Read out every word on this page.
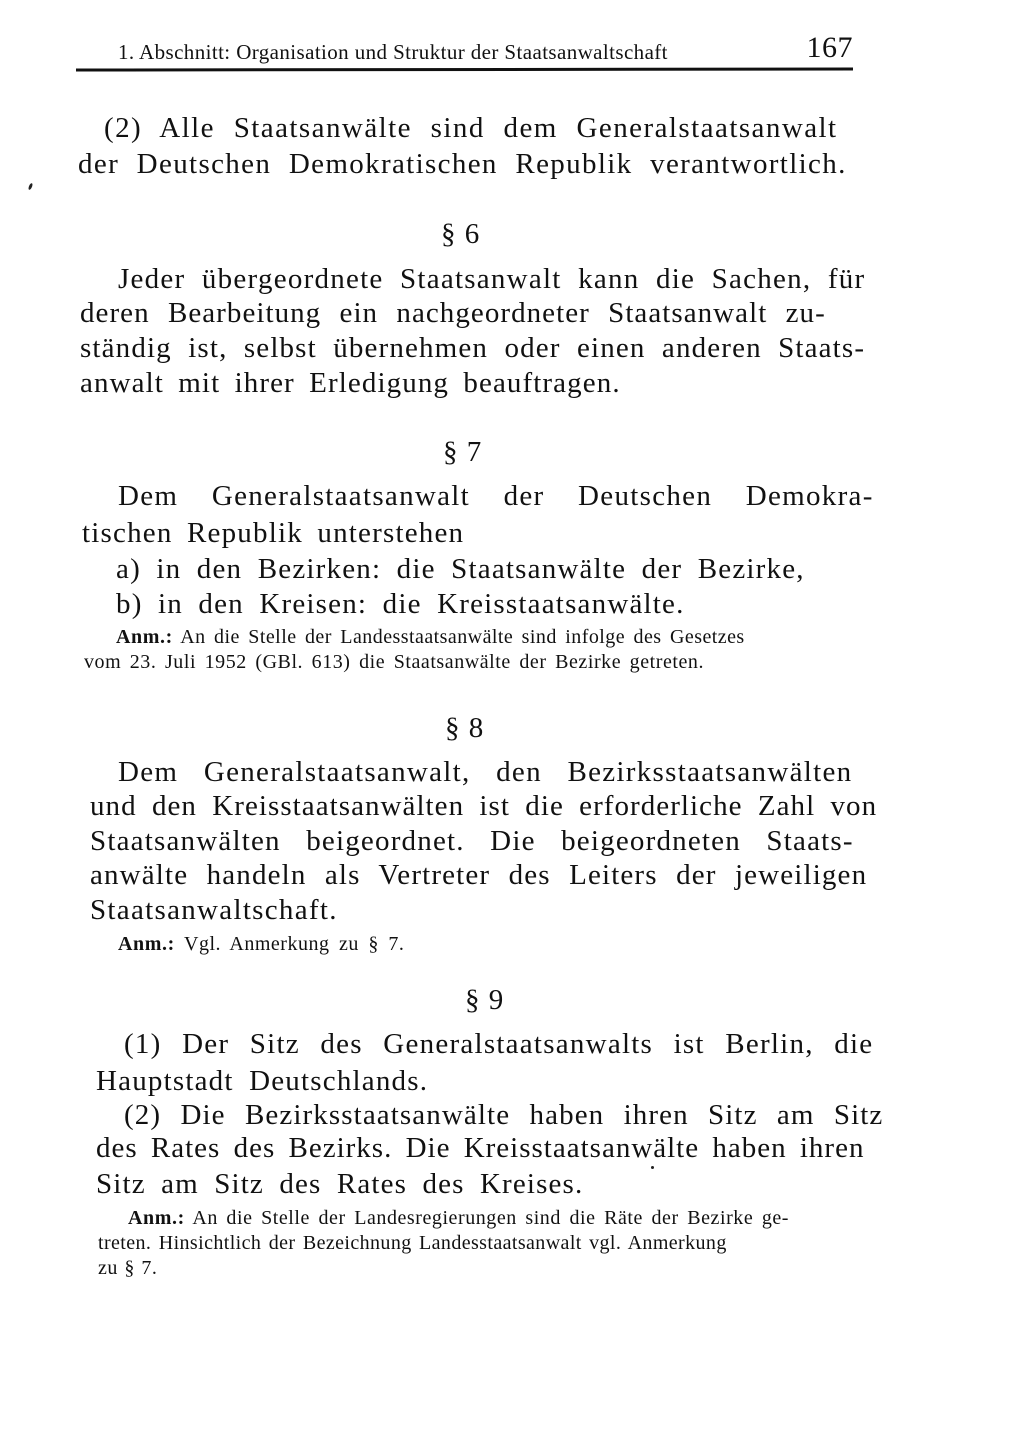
1. Abschnitt: Organisation und Struktur der Staatsanwaltschaft	167
(2) Alle Staatsanwälte sind dem Generalstaatsanwalt
der Deutschen Demokratischen Republik verantwortlich.
§ 6
Jeder übergeordnete Staatsanwalt kann die Sachen, für
deren Bearbeitung ein nachgeordneter Staatsanwalt zu-
ständig ist, selbst übernehmen oder einen anderen Staats-
anwalt mit ihrer Erledigung beauftragen.
§ 7
Dem Generalstaatsanwalt der Deutschen Demokra-
tischen Republik unterstehen
a) in den Bezirken: die Staatsanwälte der Bezirke,
b) in den Kreisen: die Kreisstaatsanwälte.
Anm.: An die Stelle der Landesstaatsanwälte sind infolge des Gesetzes
vom 23. Juli 1952 (GBl. 613) die Staatsanwälte der Bezirke getreten.
§ 8
Dem Generalstaatsanwalt, den Bezirksstaatsanwälten
und den Kreisstaatsanwälten ist die erforderliche Zahl von
Staatsanwälten beigeordnet. Die beigeordneten Staats-
anwälte handeln als Vertreter des Leiters der jeweiligen
Staatsanwaltschaft.
Anm.: Vgl. Anmerkung zu § 7.
§ 9
(1) Der Sitz des Generalstaatsanwalts ist Berlin, die
Hauptstadt Deutschlands.
(2) Die Bezirksstaatsanwälte haben ihren Sitz am Sitz
des Rates des Bezirks. Die Kreisstaatsanwälte haben ihren
Sitz am Sitz des Rates des Kreises.
Anm.: An die Stelle der Landesregierungen sind die Räte der Bezirke ge-
treten. Hinsichtlich der Bezeichnung Landesstaatsanwalt vgl. Anmerkung
zu § 7.
